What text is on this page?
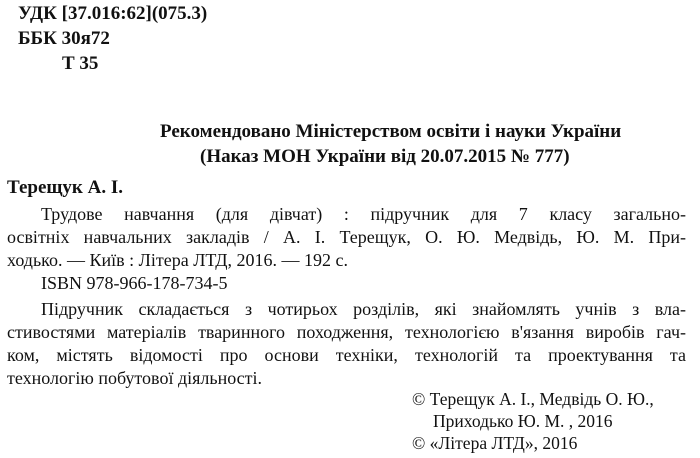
УДК [37.016:62](075.3)
ББК 30я72
Т 35
Рекомендовано Міністерством освіти і науки України
(Наказ МОН України від 20.07.2015 № 777)
Терещук А. І.
Трудове навчання (для дівчат) : підручник для 7 класу загально-
освітніх навчальних закладів / А. І. Терещук, О. Ю. Медвідь, Ю. М. При-
ходько. — Київ : Літера ЛТД, 2016. — 192 с.
ISBN 978-966-178-734-5
Підручник складається з чотирьох розділів, які знайомлять учнів з вла-
стивостями матеріалів тваринного походження, технологією в'язання виробів гач-
ком, містять відомості про основи техніки, технологій та проектування та
технологію побутової діяльності.
© Терещук А. І., Медвідь О. Ю.,
Приходько Ю. М. , 2016
© «Літера ЛТД», 2016
